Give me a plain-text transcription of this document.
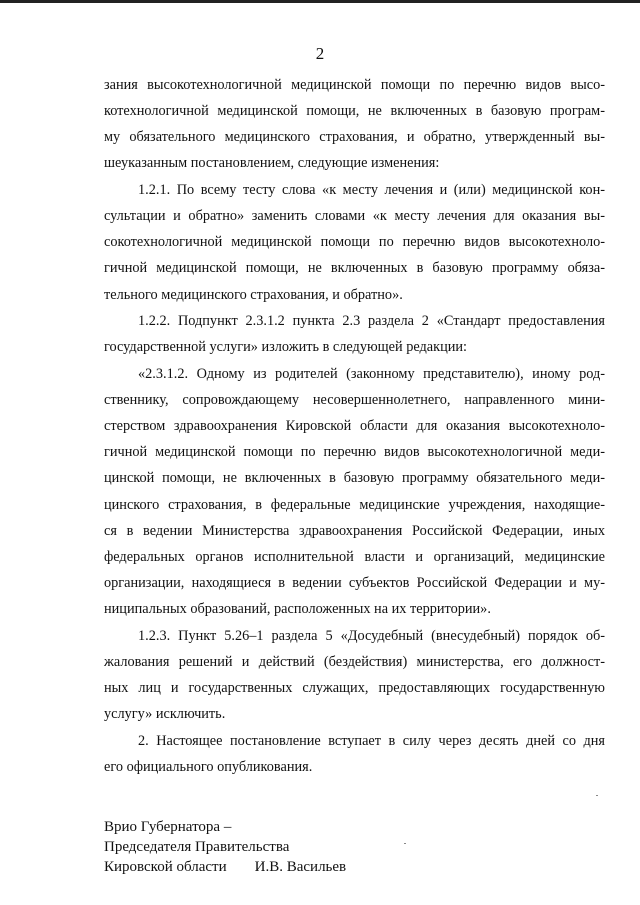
2
зания высокотехнологичной медицинской помощи по перечню видов высо-
котехнологичной медицинской помощи, не включенных в базовую програм-
му обязательного медицинского страхования, и обратно, утвержденный вы-
шеуказанным постановлением, следующие изменения:
1.2.1. По всему тесту слова «к месту лечения и (или) медицинской кон-
сультации и обратно» заменить словами «к месту лечения для оказания вы-
сокотехнологичной медицинской помощи по перечню видов высокотехноло-
гичной медицинской помощи, не включенных в базовую программу обяза-
тельного медицинского страхования, и обратно».
1.2.2. Подпункт 2.3.1.2 пункта 2.3 раздела 2 «Стандарт предоставления
государственной услуги» изложить в следующей редакции:
«2.3.1.2. Одному из родителей (законному представителю), иному род-
ственнику, сопровождающему несовершеннолетнего, направленного мини-
стерством здравоохранения Кировской области для оказания высокотехноло-
гичной медицинской помощи по перечню видов высокотехнологичной меди-
цинской помощи, не включенных в базовую программу обязательного меди-
цинского страхования, в федеральные медицинские учреждения, находящие-
ся в ведении Министерства здравоохранения Российской Федерации, иных
федеральных органов исполнительной власти и организаций, медицинские
организации, находящиеся в ведении субъектов Российской Федерации и му-
ниципальных образований, расположенных на их территории».
1.2.3. Пункт 5.26–1 раздела 5 «Досудебный (внесудебный) порядок об-
жалования решений и действий (бездействия) министерства, его должност-
ных лиц и государственных служащих, предоставляющих государственную
услугу» исключить.
2. Настоящее постановление вступает в силу через десять дней со дня
его официального опубликования.
Врио Губернатора –
Председателя Правительства
Кировской области И.В. Васильев
